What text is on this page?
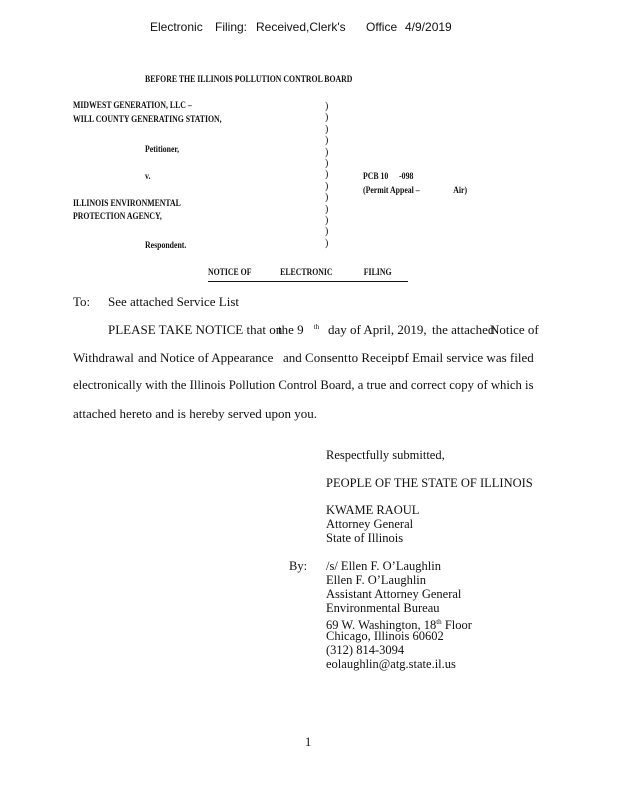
Electronic Filing: Received,Clerk's Office 4/9/2019
BEFORE THE ILLINOIS POLLUTION CONTROL BOARD
MIDWEST GENERATION, LLC –
WILL COUNTY GENERATING STATION,
Petitioner,
v.
ILLINOIS ENVIRONMENTAL
PROTECTION AGENCY,
Respondent.
)
)
)
)
)
)
)
)
)
)
)
)
)
PCB 10 -098
(Permit Appeal –	Air)
NOTICE OF	ELECTRONIC	FILING
To: See attached Service List
PLEASE TAKE NOTICE that on
the 9 $^{th}$ day of April, 2019, the attached
Notice of
Withdrawal and Notice of Appearance and Consent to Receipt
of Email service was filed
electronically with the Illinois Pollution Control Board, a true and correct copy of which is
attached hereto and is hereby served upon you.
Respectfully submitted,
PEOPLE OF THE STATE OF ILLINOIS
KWAME RAOUL
Attorney General
State of Illinois
By: /s/ Ellen F. O’Laughlin
Ellen F. O’Laughlin
Assistant Attorney General
Environmental Bureau
69 W. Washington, 18th Floor
Chicago, Illinois 60602
(312) 814-3094
eolaughlin@atg.state.il.us
1
